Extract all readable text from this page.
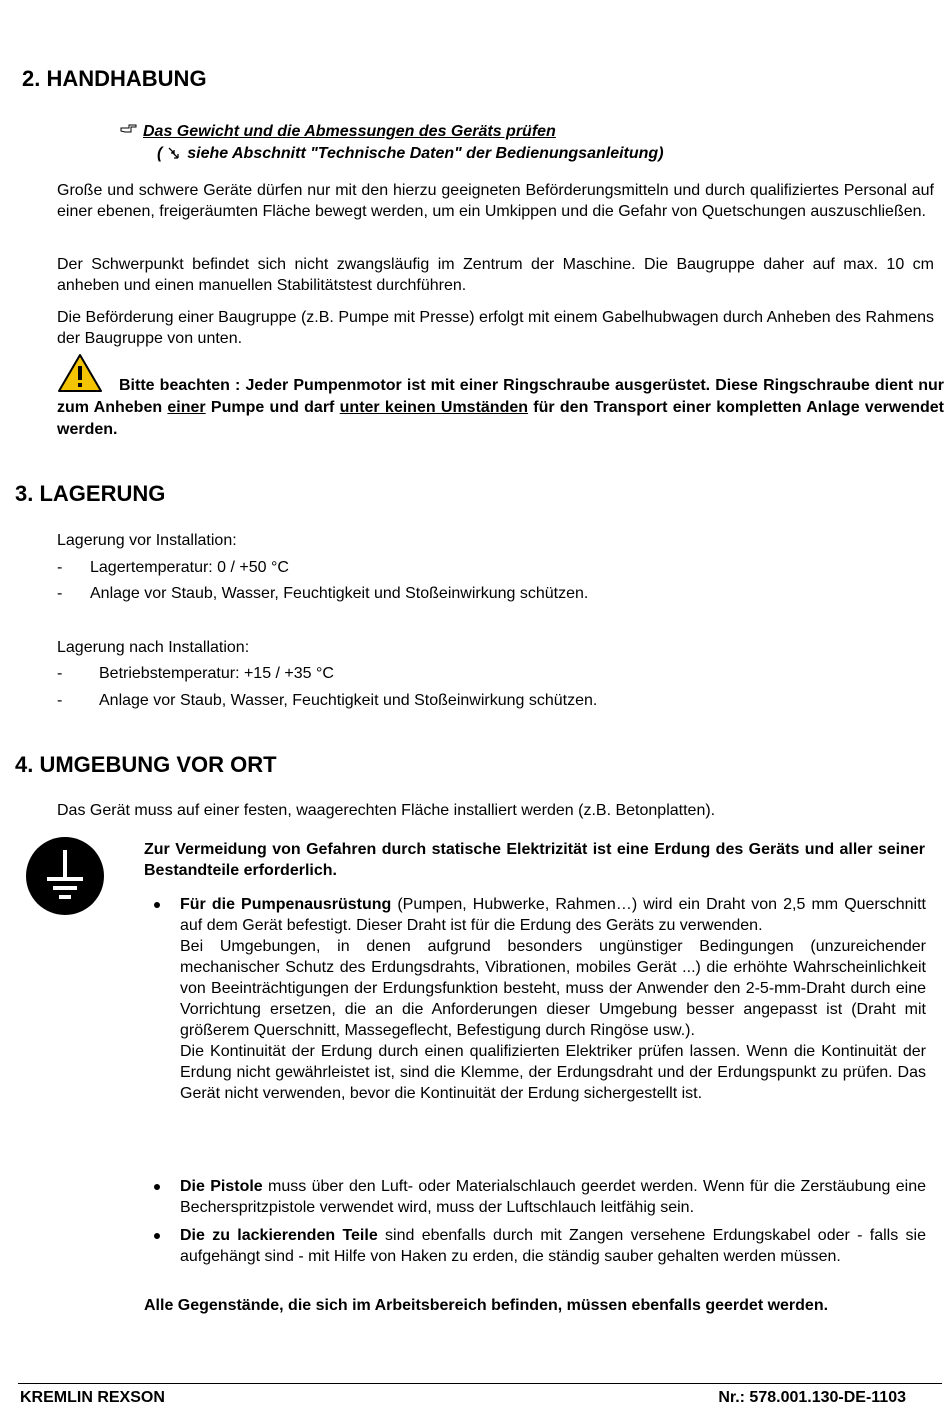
2. HANDHABUNG
Das Gewicht und die Abmessungen des Geräts prüfen
( siehe Abschnitt "Technische Daten" der Bedienungsanleitung)

Große und schwere Geräte dürfen nur mit den hierzu geeigneten Beförderungsmitteln und durch qualifiziertes Personal auf einer ebenen, freigeräumten Fläche bewegt werden, um ein Umkippen und die Gefahr von Quetschungen auszuschließen.

Der Schwerpunkt befindet sich nicht zwangsläufig im Zentrum der Maschine. Die Baugruppe daher auf max. 10 cm anheben und einen manuellen Stabilitätstest durchführen.

Die Beförderung einer Baugruppe (z.B. Pumpe mit Presse) erfolgt mit einem Gabelhubwagen durch Anheben des Rahmens der Baugruppe von unten.

Bitte beachten : Jeder Pumpenmotor ist mit einer Ringschraube ausgerüstet. Diese Ringschraube dient nur zum Anheben einer Pumpe und darf unter keinen Umständen für den Transport einer kompletten Anlage verwendet werden.

3. LAGERUNG
Lagerung vor Installation:
- Lagertemperatur: 0 / +50 °C
- Anlage vor Staub, Wasser, Feuchtigkeit und Stoßeinwirkung schützen.
Lagerung nach Installation:
- Betriebstemperatur: +15 / +35 °C
- Anlage vor Staub, Wasser, Feuchtigkeit und Stoßeinwirkung schützen.
4. UMGEBUNG VOR ORT

Das Gerät muss auf einer festen, waagerechten Fläche installiert werden (z.B. Betonplatten).

Zur Vermeidung von Gefahren durch statische Elektrizität ist eine Erdung des Geräts und aller seiner Bestandteile erforderlich.

Für die Pumpenausrüstung (Pumpen, Hubwerke, Rahmen…) wird ein Draht von 2,5 mm Querschnitt auf dem Gerät befestigt. Dieser Draht ist für die Erdung des Geräts zu verwenden.
Bei Umgebungen, in denen aufgrund besonders ungünstiger Bedingungen (unzureichender mechanischer Schutz des Erdungsdrahts, Vibrationen, mobiles Gerät ...) die erhöhte Wahrscheinlichkeit von Beeinträchtigungen der Erdungsfunktion besteht, muss der Anwender den 2-5-mm-Draht durch eine Vorrichtung ersetzen, die an die Anforderungen dieser Umgebung besser angepasst ist (Draht mit größerem Querschnitt, Massegeflecht, Befestigung durch Ringöse usw.).
Die Kontinuität der Erdung durch einen qualifizierten Elektriker prüfen lassen. Wenn die Kontinuität der Erdung nicht gewährleistet ist, sind die Klemme, der Erdungsdraht und der Erdungspunkt zu prüfen. Das Gerät nicht verwenden, bevor die Kontinuität der Erdung sichergestellt ist.
Die Pistole muss über den Luft- oder Materialschlauch geerdet werden. Wenn für die Zerstäubung eine Becherspritzpistole verwendet wird, muss der Luftschlauch leitfähig sein.
Die zu lackierenden Teile sind ebenfalls durch mit Zangen versehene Erdungskabel oder - falls sie aufgehängt sind - mit Hilfe von Haken zu erden, die ständig sauber gehalten werden müssen.

Alle Gegenstände, die sich im Arbeitsbereich befinden, müssen ebenfalls geerdet werden.

KREMLIN REXSON	Nr.: 578.001.130-DE-1103
